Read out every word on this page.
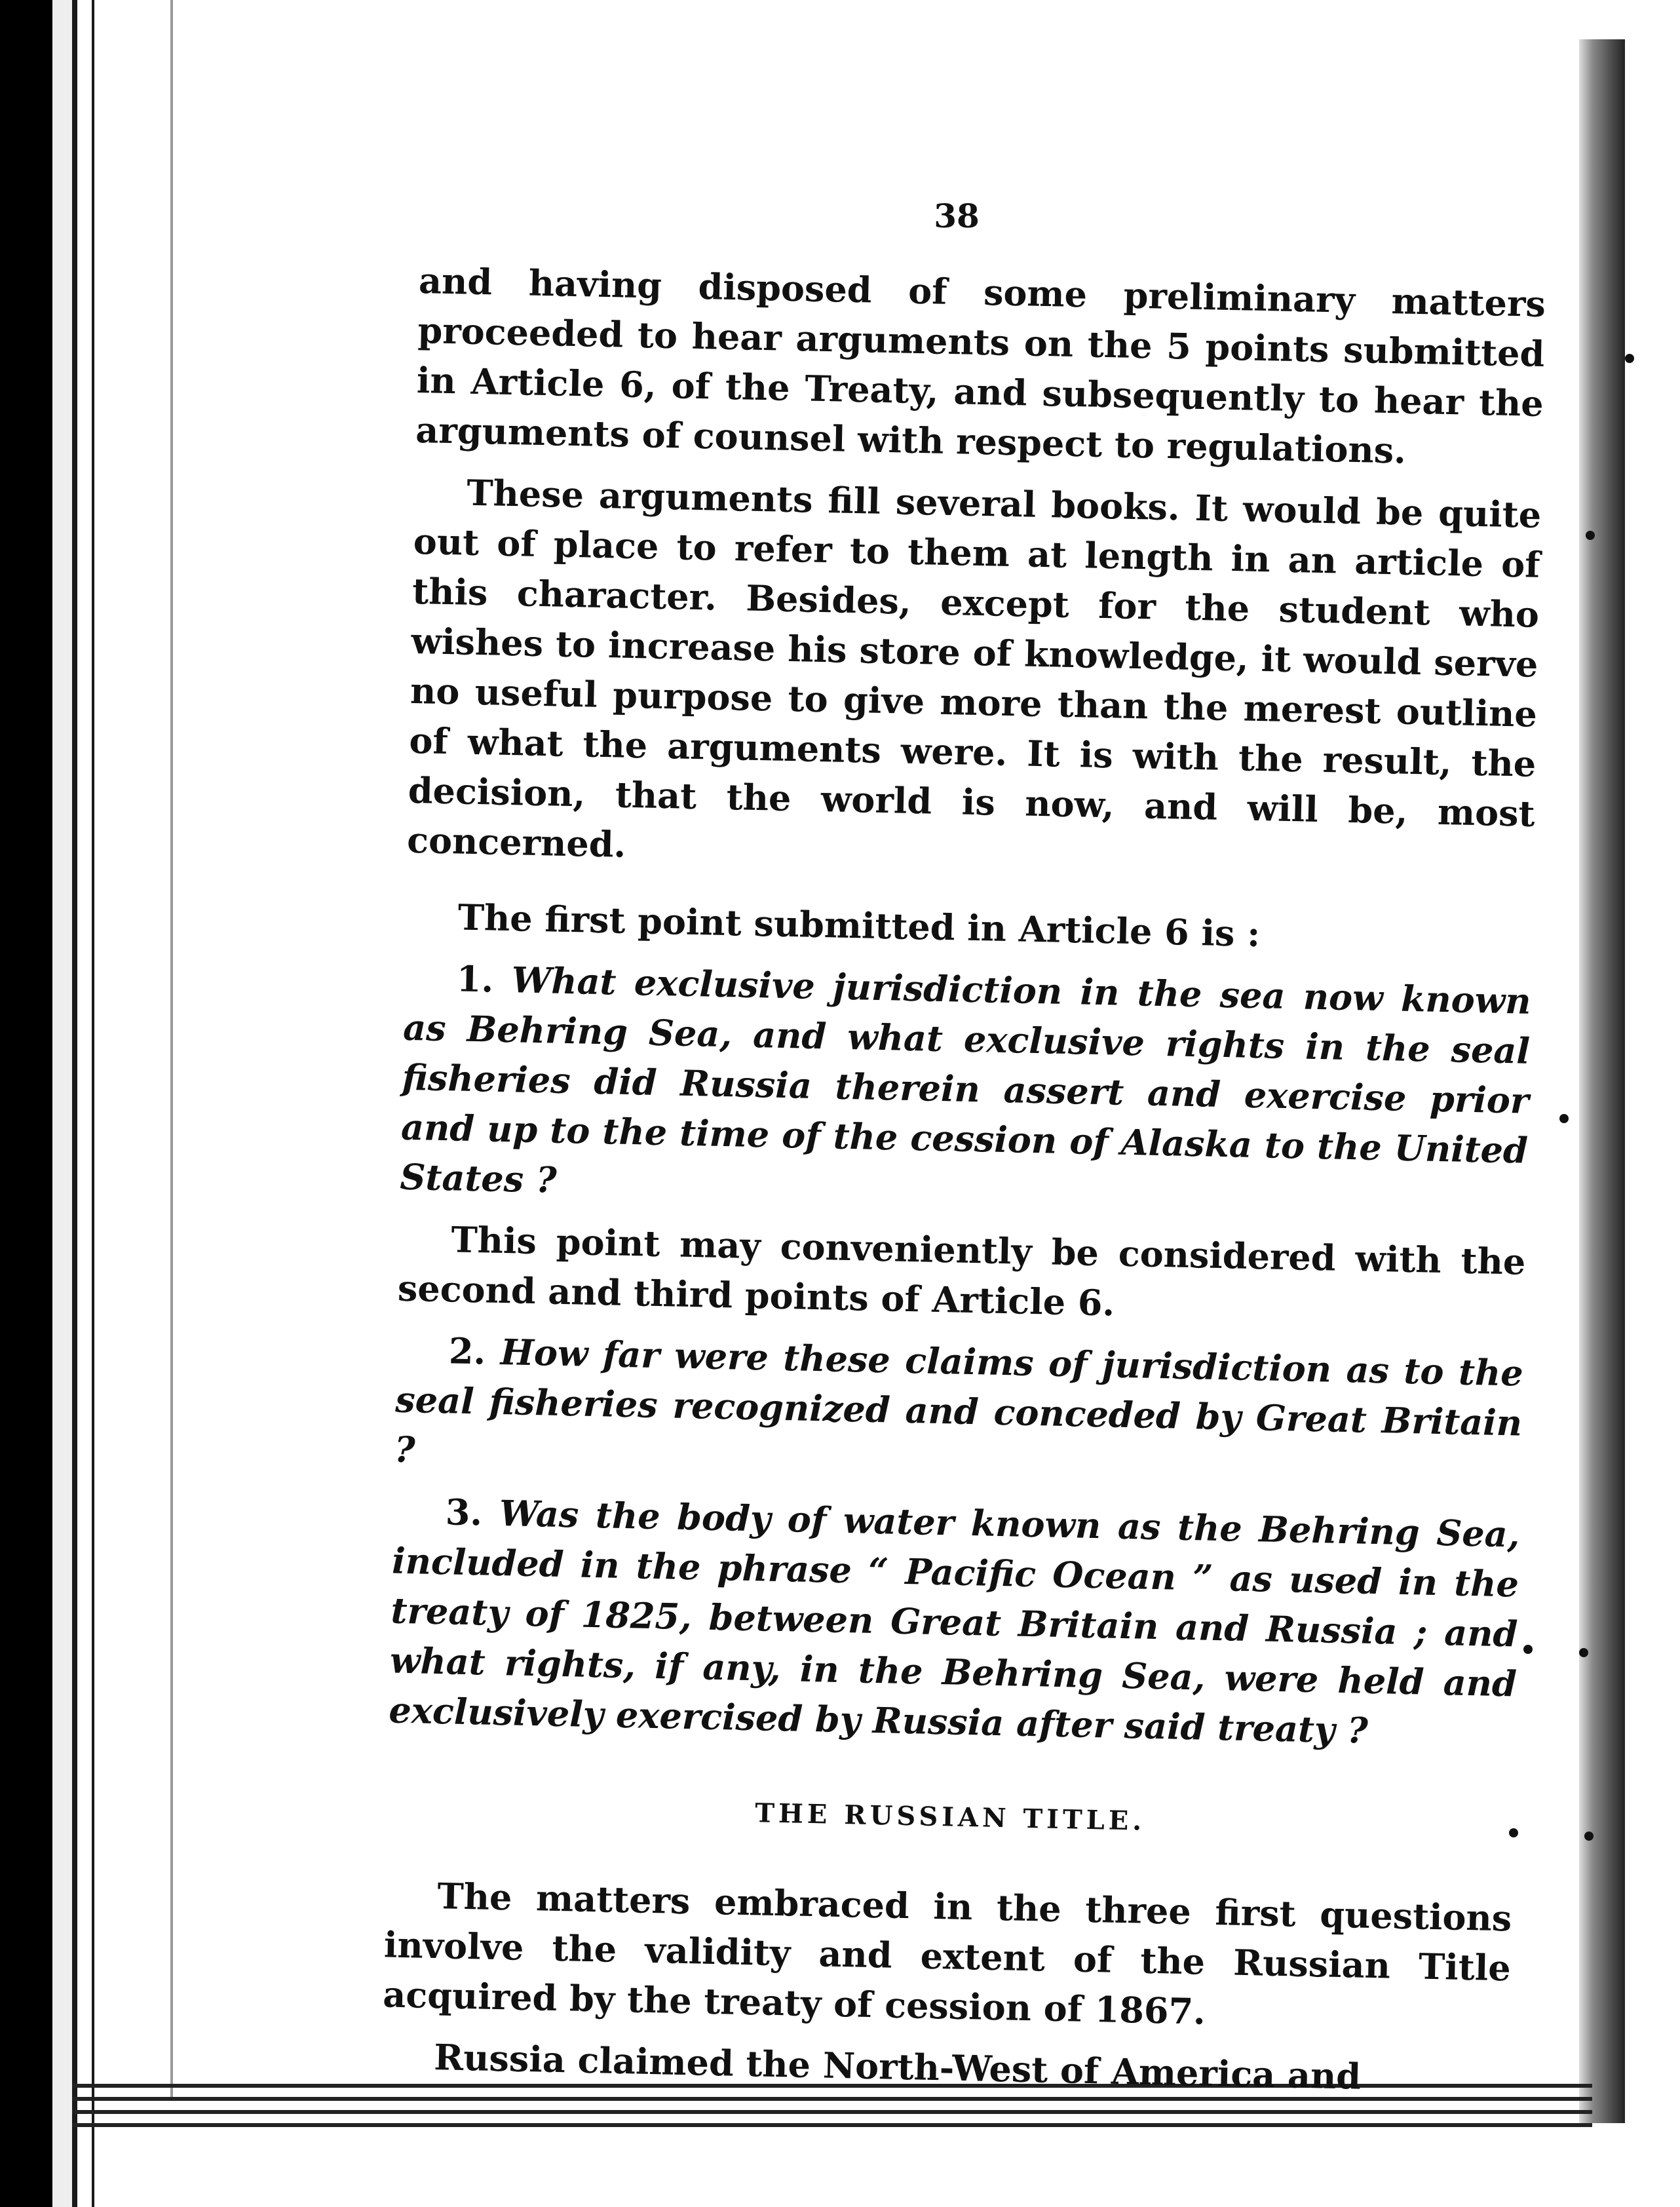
38

and having disposed of some preliminary matters proceeded to hear arguments on the 5 points submitted in Article 6, of the Treaty, and subsequently to hear the arguments of counsel with respect to regulations.

These arguments fill several books. It would be quite out of place to refer to them at length in an article of this character. Besides, except for the student who wishes to increase his store of knowledge, it would serve no useful purpose to give more than the merest outline of what the arguments were. It is with the result, the decision, that the world is now, and will be, most concerned.

The first point submitted in Article 6 is :

1. What exclusive jurisdiction in the sea now known as Behring Sea, and what exclusive rights in the seal fisheries did Russia therein assert and exercise prior and up to the time of the cession of Alaska to the United States ?

This point may conveniently be considered with the second and third points of Article 6.

2. How far were these claims of jurisdiction as to the seal fisheries recognized and conceded by Great Britain ?

3. Was the body of water known as the Behring Sea, included in the phrase “ Pacific Ocean ” as used in the treaty of 1825, between Great Britain and Russia ; and what rights, if any, in the Behring Sea, were held and exclusively exercised by Russia after said treaty ?

THE RUSSIAN TITLE.

The matters embraced in the three first questions involve the validity and extent of the Russian Title acquired by the treaty of cession of 1867.

Russia claimed the North-West of America and
